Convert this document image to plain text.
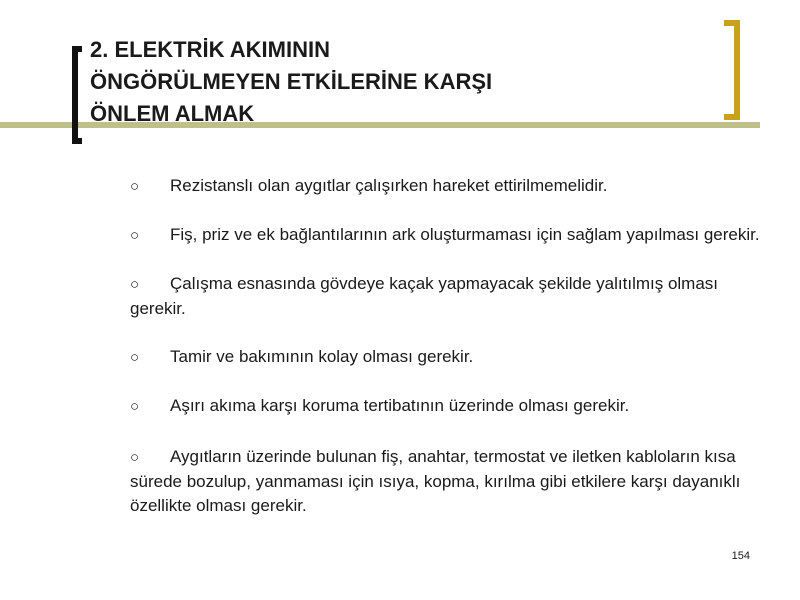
2. ELEKTRİK AKIMININ
ÖNGÖRÜLMEYEN ETKİLERİNE KARŞI
ÖNLEM ALMAK
○ Rezistanslı olan aygıtlar çalışırken hareket ettirilmemelidir.
○ Fiş, priz ve ek bağlantılarının ark oluşturmaması için sağlam yapılması gerekir.
○ Çalışma esnasında gövdeye kaçak yapmayacak şekilde yalıtılmış olması gerekir.
○ Tamir ve bakımının kolay olması gerekir.
○ Aşırı akıma karşı koruma tertibatının üzerinde olması gerekir.
○ Aygıtların üzerinde bulunan fiş, anahtar, termostat ve iletken kabloların kısa sürede bozulup, yanmaması için ısıya, kopma, kırılma gibi etkilere karşı dayanıklı özellikte olması gerekir.
154
